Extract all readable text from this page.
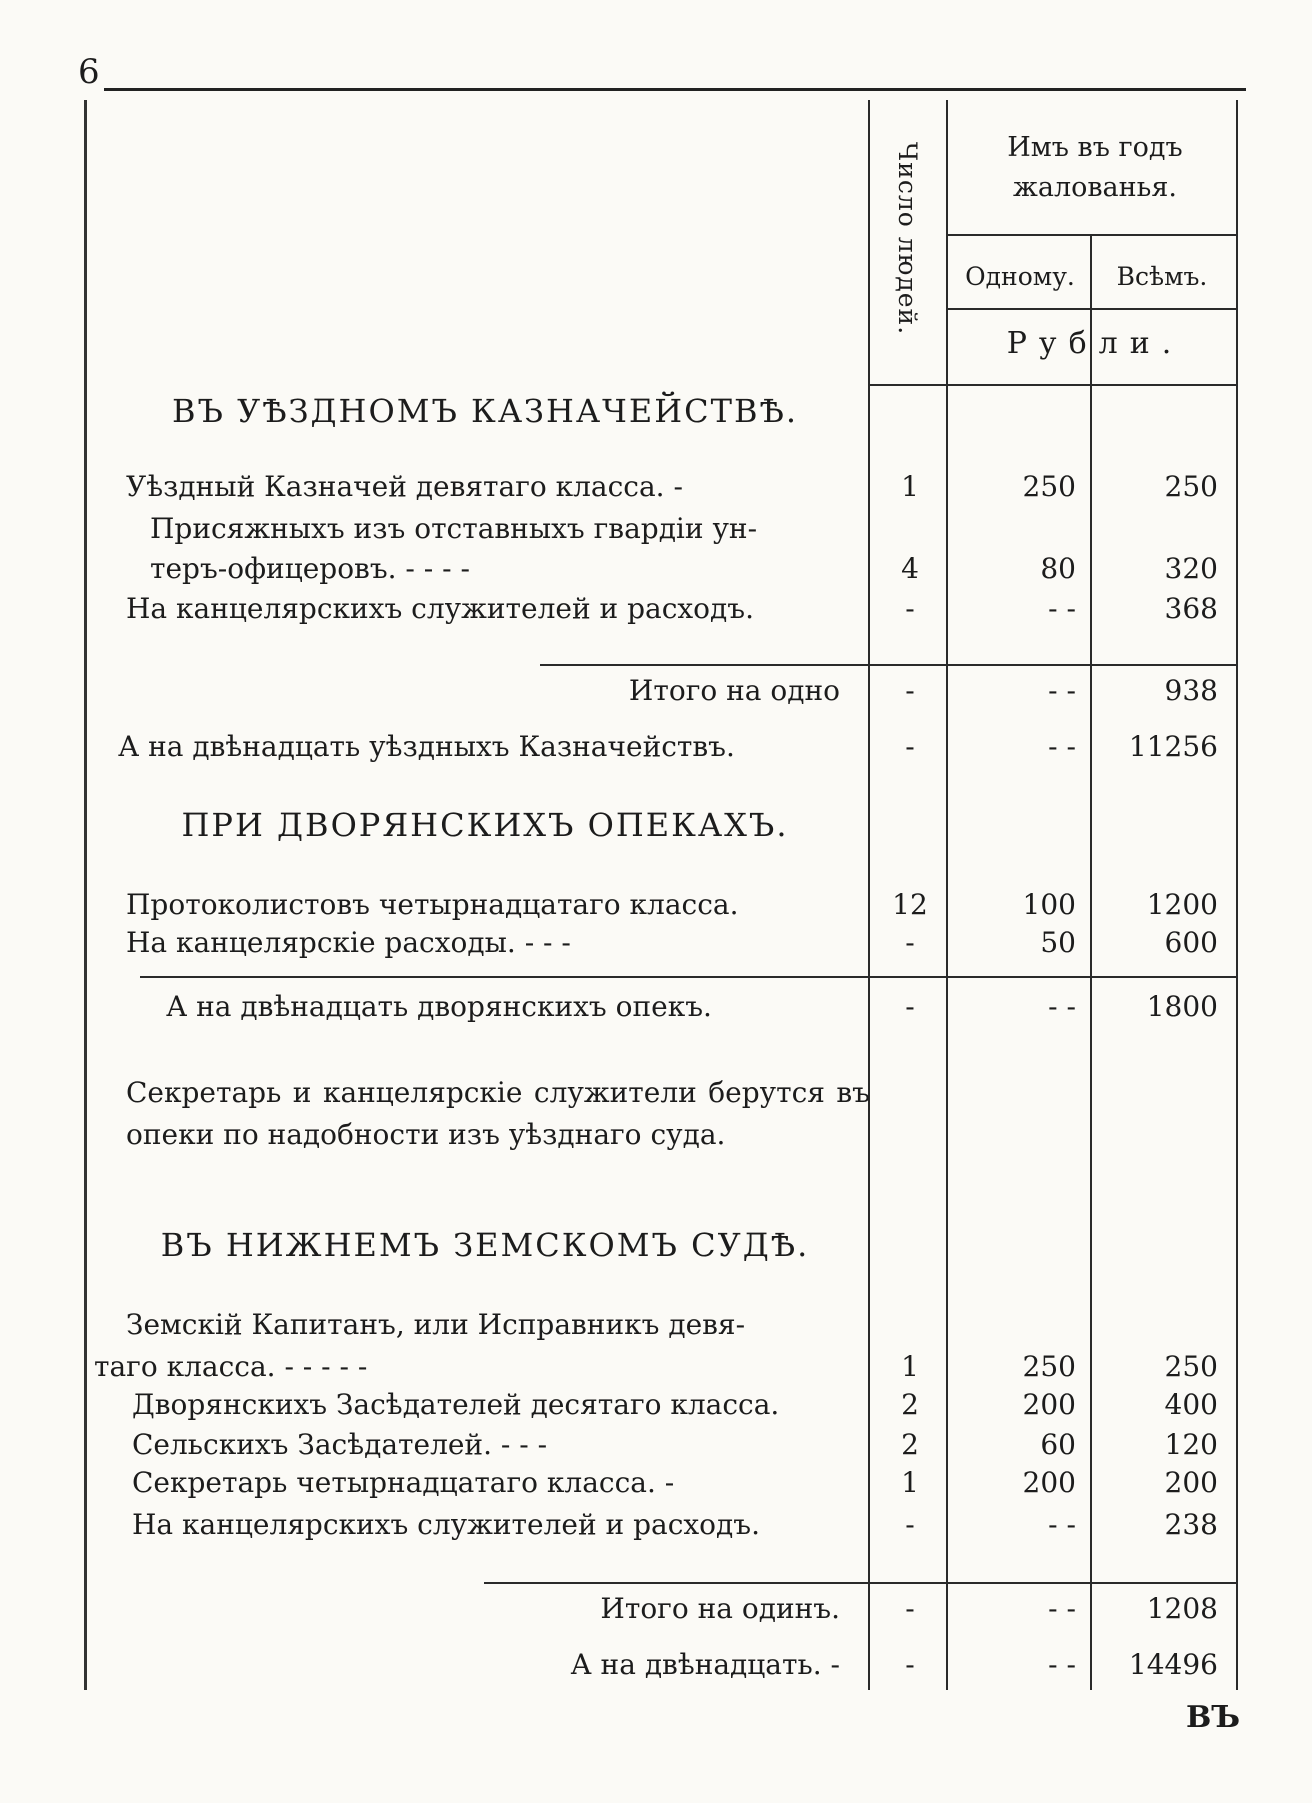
6
Число людей.	Имъ въ годъ жалованья.
Одному.	Всѣмъ.
Рубли.
ВЪ УѢЗДНОМЪ КАЗНАЧЕЙСТВѢ.
Уѣздный Казначей девятаго класса. -	1	250	250
Присяжныхъ изъ отставныхъ гвардіи ун-
теръ-офицеровъ. - - - -	4	80	320
На канцелярскихъ служителей и расходъ.	-	- -	368
Итого на одно	-	- -	938
А на двѣнадцать уѣздныхъ Казначействъ.	-	- -	11256
ПРИ ДВОРЯНСКИХЪ ОПЕКАХЪ.
Протоколистовъ четырнадцатаго класса.	12	100	1200
На канцелярскіе расходы. - - -	-	50	600
А на двѣнадцать дворянскихъ опекъ.	-	- -	1800
Секретарь и канцелярскіе служители берутся въ опеки по надобности изъ уѣзднаго суда.
ВЪ НИЖНЕМЪ ЗЕМСКОМЪ СУДѢ.
Земскій Капитанъ, или Исправникъ девя-
таго класса. - - - - -	1	250	250
Дворянскихъ Засѣдателей десятаго класса.	2	200	400
Сельскихъ Засѣдателей. - - -	2	60	120
Секретарь четырнадцатаго класса. -	1	200	200
На канцелярскихъ служителей и расходъ.	-	- -	238
Итого на одинъ.	-	- -	1208
А на двѣнадцать. -	-	- -	14496
ВЪ
